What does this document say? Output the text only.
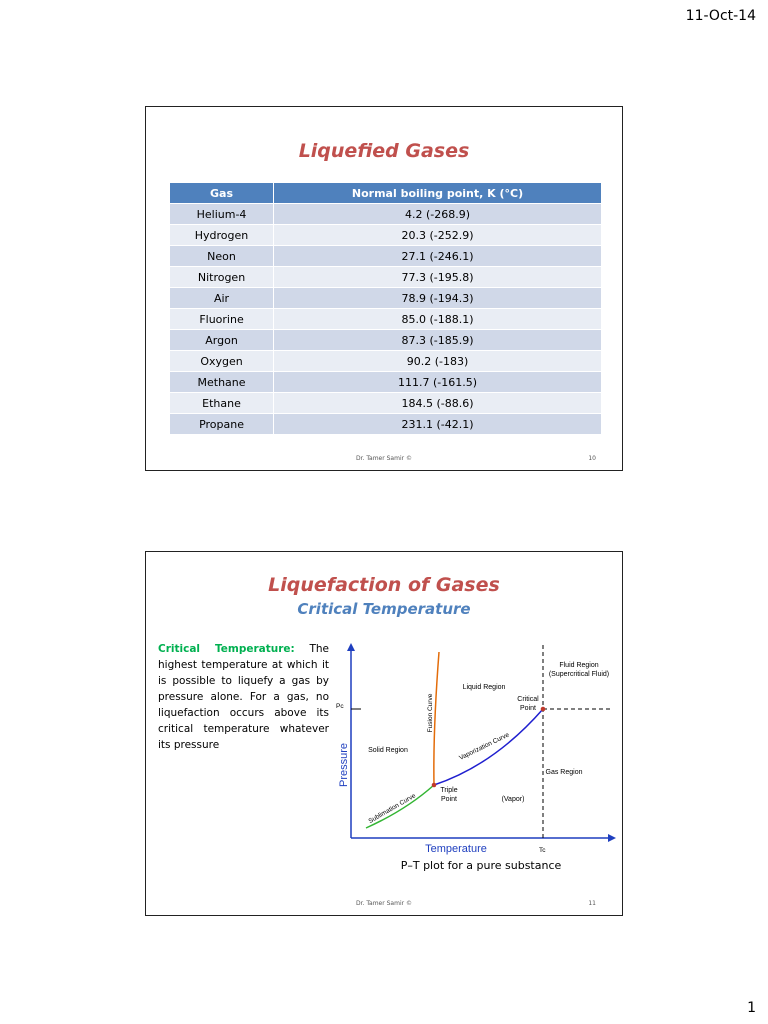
11-Oct-14
Liquefied Gases
Gas	Normal boiling point, K (°C)
Helium-4	4.2 (-268.9)
Hydrogen	20.3 (-252.9)
Neon	27.1 (-246.1)
Nitrogen	77.3 (-195.8)
Air	78.9 (-194.3)
Fluorine	85.0 (-188.1)
Argon	87.3 (-185.9)
Oxygen	90.2 (-183)
Methane	111.7 (-161.5)
Ethane	184.5 (-88.6)
Propane	231.1 (-42.1)
Dr. Tamer Samir ©	10
Liquefaction of Gases
Critical Temperature
Critical Temperature: The highest temperature at which it is possible to liquefy a gas by pressure alone. For a gas, no liquefaction occurs above its critical temperature whatever its pressure	Pressure
Temperature
Pc
Tc
Fluid Region
(Supercritical Fluid)
Liquid Region
Critical
Point
Solid Region
Gas Region
(Vapor)
Triple
Point
Fusion Curve
Vaporization Curve
Sublimation Curve
P–T plot for a pure substance
Dr. Tamer Samir ©	11
1
